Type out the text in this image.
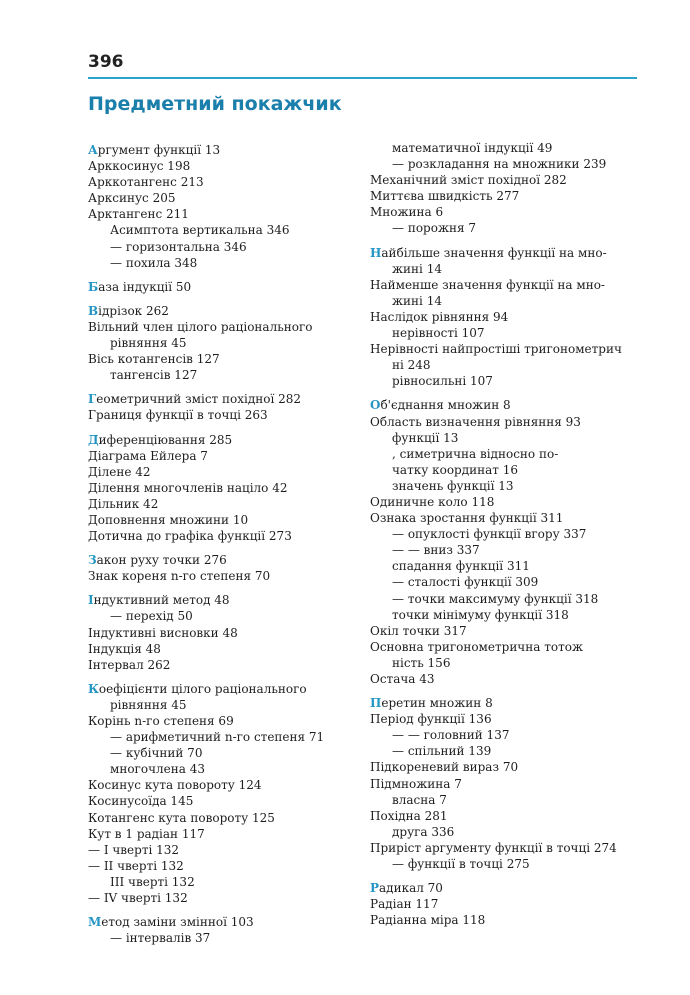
396
Предметний покажчик
Аргумент функції 13
Арккосинус 198
Арккотангенс 213
Арксинус 205
Арктангенс 211
Асимптота вертикальна 346
— горизонтальна 346
— похила 348
База індукції 50
Відрізок 262
Вільний член цілого раціонального
рівняння 45
Вісь котангенсів 127
тангенсів 127
Геометричний зміст похідної 282
Границя функції в точці 263
Диференціювання 285
Діаграма Ейлера 7
Ділене 42
Ділення многочленів націло 42
Дільник 42
Доповнення множини 10
Дотична до графіка функції 273
Закон руху точки 276
Знак кореня n-го степеня 70
Індуктивний метод 48
— перехід 50
Індуктивні висновки 48
Індукція 48
Інтервал 262
Коефіцієнти цілого раціонального
рівняння 45
Корінь n-го степеня 69
— арифметичний n-го степеня 71
— кубічний 70
многочлена 43
Косинус кута повороту 124
Косинусоїда 145
Котангенс кута повороту 125
Кут в 1 радіан 117
— І чверті 132
— ІІ чверті 132
ІІІ чверті 132
— IV чверті 132
Метод заміни змінної 103
— інтервалів 37
математичної індукції 49
— розкладання на множники 239
Механічний зміст похідної 282
Миттєва швидкість 277
Множина 6
— порожня 7
Найбільше значення функції на мно-
жині 14
Найменше значення функції на мно-
жині 14
Наслідок рівняння 94
нерівності 107
Нерівності найпростіші тригонометрич
ні 248
рівносильні 107
Об'єднання множин 8
Область визначення рівняння 93
функції 13
, симетрична відносно по-
чатку координат 16
значень функції 13
Одиничне коло 118
Ознака зростання функції 311
— опуклості функції вгору 337
— — вниз 337
спадання функції 311
— сталості функції 309
— точки максимуму функції 318
точки мінімуму функції 318
Окіл точки 317
Основна тригонометрична тотож
ність 156
Остача 43
Перетин множин 8
Період функції 136
— — головний 137
— спільний 139
Підкореневий вираз 70
Підмножина 7
власна 7
Похідна 281
друга 336
Приріст аргументу функції в точці 274
— функції в точці 275
Радикал 70
Радіан 117
Радіанна міра 118
